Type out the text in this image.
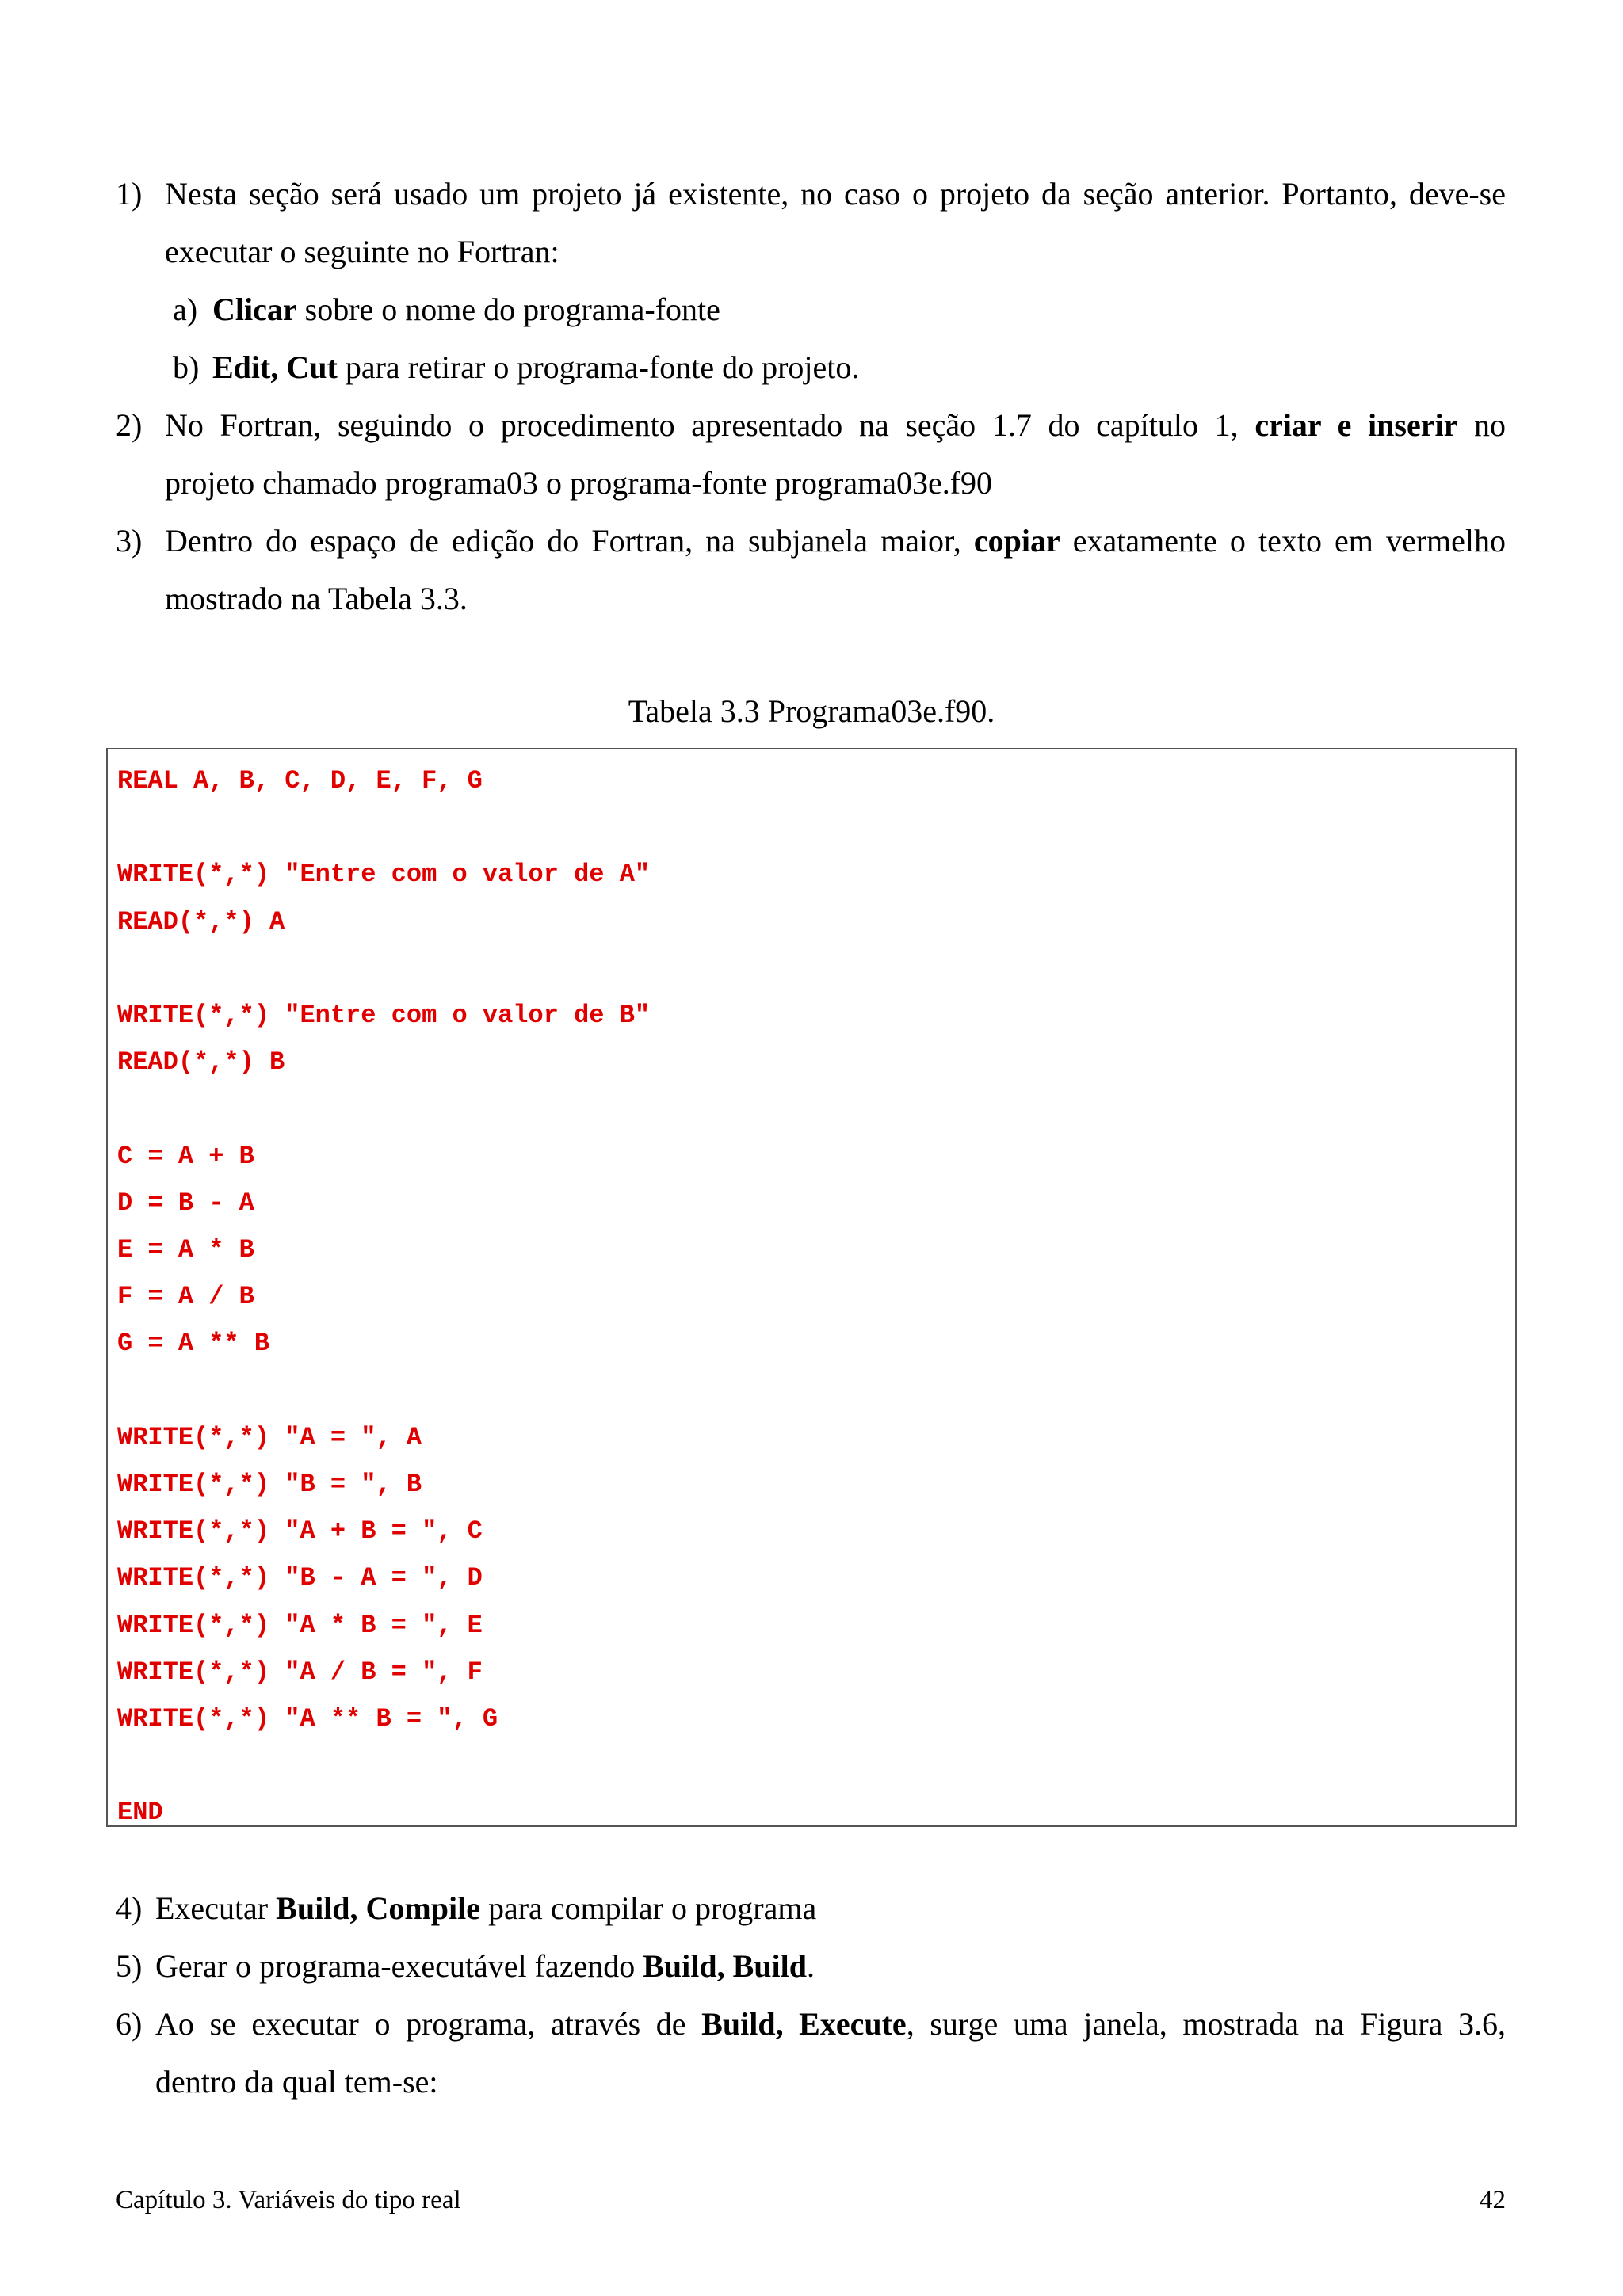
1) Nesta seção será usado um projeto já existente, no caso o projeto da seção anterior. Portanto, deve-se
executar o seguinte no Fortran:
a) Clicar sobre o nome do programa-fonte
b) Edit, Cut para retirar o programa-fonte do projeto.
2) No Fortran, seguindo o procedimento apresentado na seção 1.7 do capítulo 1, criar e inserir no
projeto chamado programa03 o programa-fonte programa03e.f90
3) Dentro do espaço de edição do Fortran, na subjanela maior, copiar exatamente o texto em vermelho
mostrado na Tabela 3.3.
Tabela 3.3 Programa03e.f90.
REAL A, B, C, D, E, F, G
WRITE(*,*) "Entre com o valor de A"
READ(*,*) A
WRITE(*,*) "Entre com o valor de B"
READ(*,*) B
C = A + B
D = B - A
E = A * B
F = A / B
G = A ** B
WRITE(*,*) "A = ", A
WRITE(*,*) "B = ", B
WRITE(*,*) "A + B = ", C
WRITE(*,*) "B - A = ", D
WRITE(*,*) "A * B = ", E
WRITE(*,*) "A / B = ", F
WRITE(*,*) "A ** B = ", G
END
4) Executar Build, Compile para compilar o programa
5) Gerar o programa-executável fazendo Build, Build.
6) Ao se executar o programa, através de Build, Execute, surge uma janela, mostrada na Figura 3.6,
dentro da qual tem-se:
Capítulo 3. Variáveis do tipo real	42
